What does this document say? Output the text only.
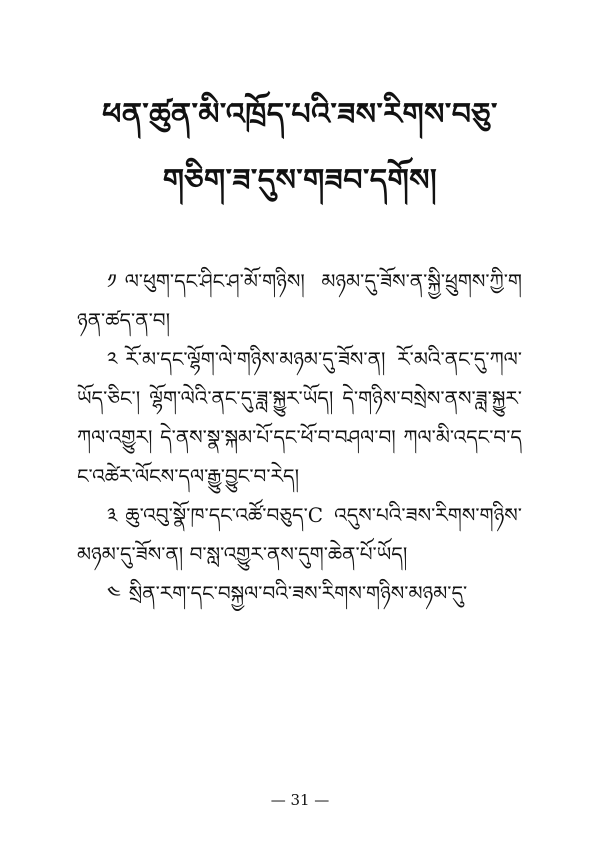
ཕན་ཚུན་མི་འཁྲོད་པའི་ཟས་རིགས་བཅུ་
གཅིག་ཟ་དུས་གཟབ་དགོས།

༡ ལ་ཕུག་དང་ཤིང་ཤ་མོ་གཉིས། མཉམ་དུ་ཟོས་ན་སྐྱི་ཕྲུགས་ཀྱི་གཉན་ཚད་ན་བ།

༢ ཪོ་མ་དང་ལྷོག་ལེ་གཉིས་མཉམ་དུ་ཟོས་ན། ཪོ་མའི་ནང་དུ་ཀལ་ཡོད་ཅིང་། ལྷོག་ལེའི་ནང་དུ་ཟླ་སྐྱུར་ཡོད། དེ་གཉིས་བསྲེས་ནས་ཟླ་སྐྱུར་ཀལ་འགྱུར། དེ་ནས་སྣ་སྐམ་པོ་དང་ཕོ་བ་བཤལ་བ། ཀལ་མི་འདང་བ་དང་འཚེར་ལོངས་དལ་རྒྱུ་བྱུང་བ་རེད།

༣ ཆུ་འབུ་སྣོ་ཁ་དང་འཚོ་བཅུད་C འདུས་པའི་ཟས་རིགས་གཉིས་མཉམ་དུ་ཟོས་ན། བ་སླ་འགྱུར་ནས་དུག་ཆེན་པོ་ཡོད།

༤ སྲིན་རག་དང་བསྐྱལ་བའི་ཟས་རིགས་གཉིས་མཉམ་དུ་

— 31 —
